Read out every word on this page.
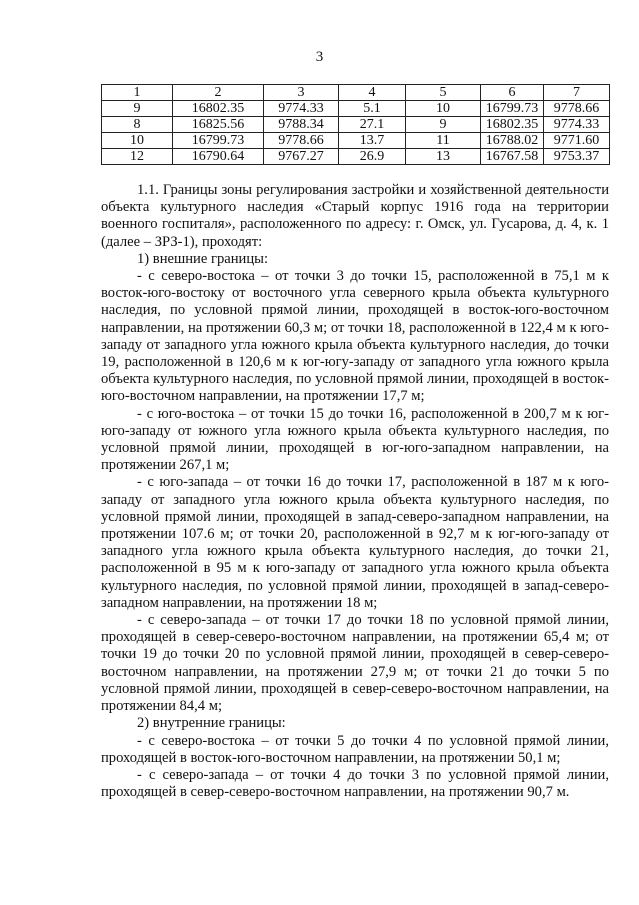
3
1	2	3	4	5	6	7
9	16802.35	9774.33	5.1	10	16799.73	9778.66
8	16825.56	9788.34	27.1	9	16802.35	9774.33
10	16799.73	9778.66	13.7	11	16788.02	9771.60
12	16790.64	9767.27	26.9	13	16767.58	9753.37

1.1. Границы зоны регулирования застройки и хозяйственной деятельности объекта культурного наследия «Старый корпус 1916 года на территории военного госпиталя», расположенного по адресу: г. Омск, ул. Гусарова, д. 4, к. 1 (далее – ЗРЗ-1), проходят:

1) внешние границы:

- с северо-востока – от точки 3 до точки 15, расположенной в 75,1 м к восток-юго-востоку от восточного угла северного крыла объекта культурного наследия, по условной прямой линии, проходящей в восток-юго-восточном направлении, на протяжении 60,3 м; от точки 18, расположенной в 122,4 м к юго-западу от западного угла южного крыла объекта культурного наследия, до точки 19, расположенной в 120,6 м к юг-югу-западу от западного угла южного крыла объекта культурного наследия, по условной прямой линии, проходящей в восток-юго-восточном направлении, на протяжении 17,7 м;

- с юго-востока – от точки 15 до точки 16, расположенной в 200,7 м к юг-юго-западу от южного угла южного крыла объекта культурного наследия, по условной прямой линии, проходящей в юг-юго-западном направлении, на протяжении 267,1 м;

- с юго-запада – от точки 16 до точки 17, расположенной в 187 м к юго-западу от западного угла южного крыла объекта культурного наследия, по условной прямой линии, проходящей в запад-северо-западном направлении, на протяжении 107.6 м; от точки 20, расположенной в 92,7 м к юг-юго-западу от западного угла южного крыла объекта культурного наследия, до точки 21, расположенной в 95 м к юго-западу от западного угла южного крыла объекта культурного наследия, по условной прямой линии, проходящей в запад-северо-западном направлении, на протяжении 18 м;

- с северо-запада – от точки 17 до точки 18 по условной прямой линии, проходящей в север-северо-восточном направлении, на протяжении 65,4 м; от точки 19 до точки 20 по условной прямой линии, проходящей в север-северо-восточном направлении, на протяжении 27,9 м; от точки 21 до точки 5 по условной прямой линии, проходящей в север-северо-восточном направлении, на протяжении 84,4 м;

2) внутренние границы:

- с северо-востока – от точки 5 до точки 4 по условной прямой линии, проходящей в восток-юго-восточном направлении, на протяжении 50,1 м;

- с северо-запада – от точки 4 до точки 3 по условной прямой линии, проходящей в север-северо-восточном направлении, на протяжении 90,7 м.
